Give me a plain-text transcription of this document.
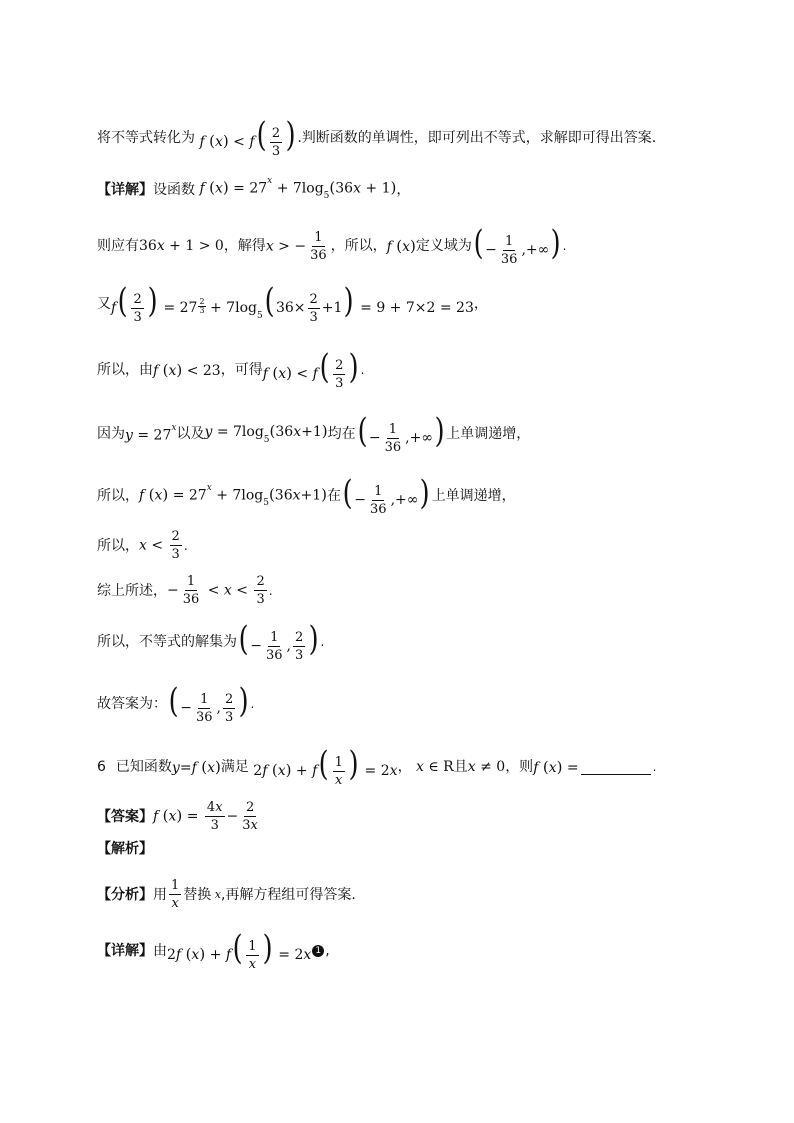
将不等式转化为 f $(x) < f( \frac{2}{3}$ ) .判断函数的单调性，即可列出不等式，求解即可得出答案.
【详解】 设函数 f $(x) = 27^x + 7\log_5(36x + 1)$ ，
则应有 36x + 1 > 0 ，解得 x > − $\frac{1}{36}$ ，所以， f (x) 定义域为 ( − $\frac{1}{36}$ ,+∞) .
又 $f( \frac{2}{3}$ ) = $27 \frac{2}{3} + 7\log_5$( $36\times \frac{2}{3} +1) = 9 + 7\times 2 = 23$ ，
所以，由 f (x) < 23 ，可得 f $(x) < f( \frac{2}{3}$ ) .
因为 $y = 27^x$ 以及 $y = 7\log_5(36x+1)$ 均在 ( − $\frac{1}{36}$ ,+∞) 上单调递增，
所以， f $(x) = 27^x + 7\log_5(36x+1)$ 在 ( − $\frac{1}{36}$ ,+∞) 上单调递增，
所以， $x < \frac{2}{3}$ .
综上所述， − $\frac{1}{36} < x < \frac{2}{3}$ .
所以，不等式的解集为 ( − $\frac{1}{36}$ , $\frac{2}{3}$ ) .
故答案为： ( − $\frac{1}{36}$ , $\frac{2}{3}$ ) .
6 已知函数 y=f (x) 满足 2f $(x) + f( \frac{1}{x}$ ) = 2x ， x ∈ R 且 x ≠ 0 ，则 f (x) =	.
【答案】 f $(x) = \frac{4x}{3} - \frac{2}{3x}$
【解析】
【分析】 用 $\frac{1}{x}$ 替换 x ,再解方程组可得答案.
【详解】 由 2f $(x) + f( \frac{1}{x}$ ) = 2x 1 ,
